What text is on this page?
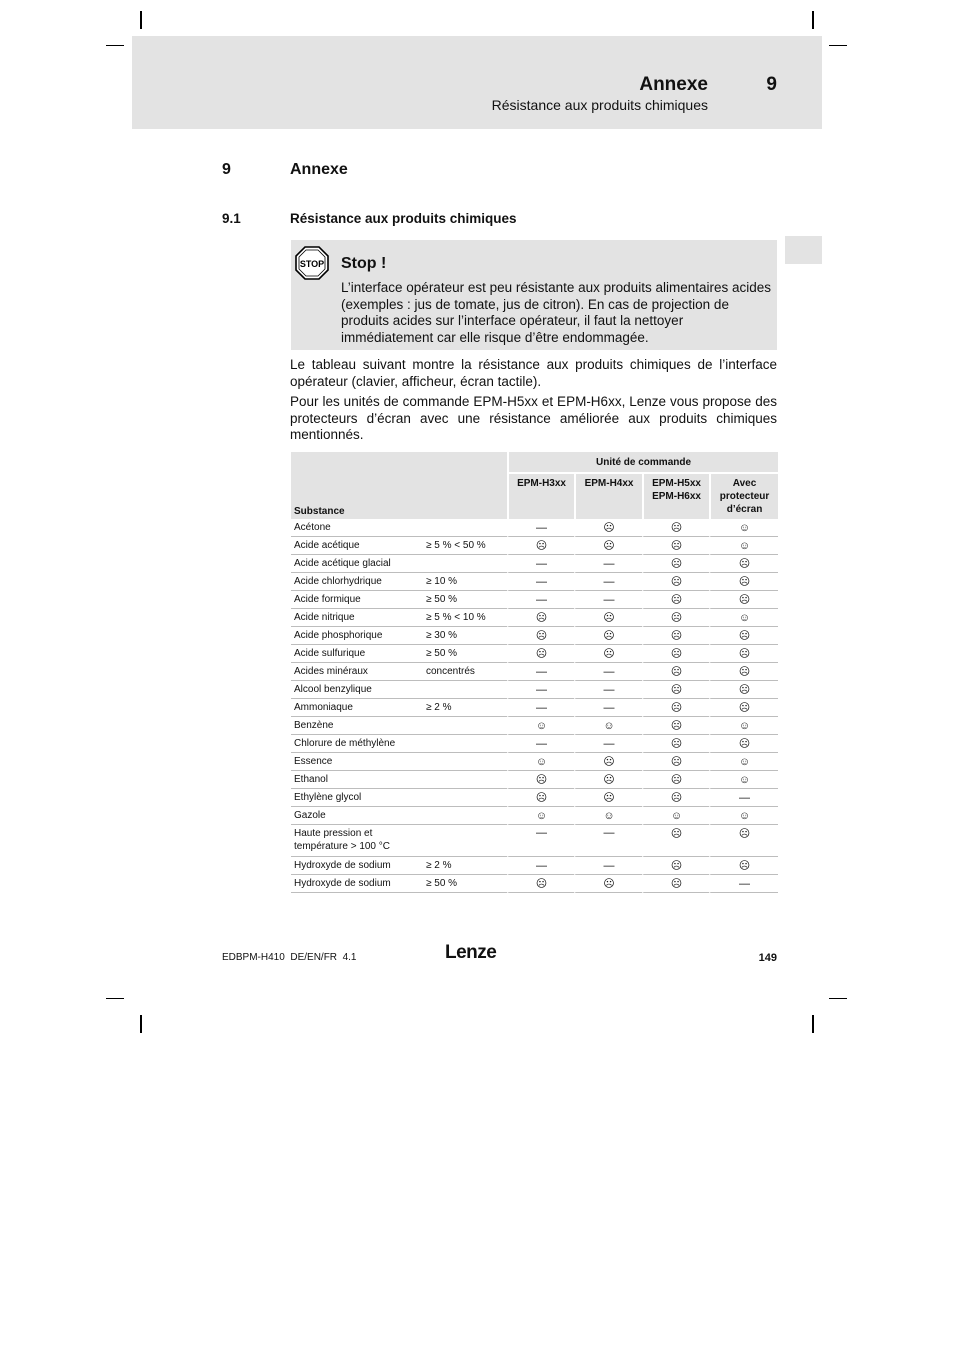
Annexe	9
Résistance aux produits chimiques
9	Annexe
9.1	Résistance aux produits chimiques
STOP Stop !
L’interface opérateur est peu résistante aux produits alimentaires acides (exemples : jus de tomate, jus de citron). En cas de projection de produits acides sur l’interface opérateur, il faut la nettoyer immédiatement car elle risque d’être endommagée.
Le tableau suivant montre la résistance aux produits chimiques de l’interface opérateur (clavier, afficheur, écran tactile).
Pour les unités de commande EPM-H5xx et EPM-H6xx, Lenze vous propose des protecteurs d’écran avec une résistance améliorée aux produits chimiques mentionnés.
Substance		Unité de commande			
		EPM-H3xx	EPM-H4xx	EPM-H5xx EPM-H6xx	Avec protecteur d’écran
Acétone		—	☹	☹	☺
Acide acétique	≥ 5 % < 50 %	☹	☹	☹	☺
Acide acétique glacial		—	—	☹	☹
Acide chlorhydrique	≥ 10 %	—	—	☹	☹
Acide formique	≥ 50 %	—	—	☹	☹
Acide nitrique	≥ 5 % < 10 %	☹	☹	☹	☺
Acide phosphorique	≥ 30 %	☹	☹	☹	☹
Acide sulfurique	≥ 50 %	☹	☹	☹	☹
Acides minéraux	concentrés	—	—	☹	☹
Alcool benzylique		—	—	☹	☹
Ammoniaque	≥ 2 %	—	—	☹	☹
Benzène		☺	☺	☹	☺
Chlorure de méthylène		—	—	☹	☹
Essence		☺	☹	☹	☺
Ethanol		☹	☹	☹	☺
Ethylène glycol		☹	☹	☹	—
Gazole		☺	☺	☺	☺
Haute pression et température > 100 °C		—	—	☹	☹
Hydroxyde de sodium	≥ 2 %	—	—	☹	☹
Hydroxyde de sodium	≥ 50 %	☹	☹	☹	—
EDBPM-H410  DE/EN/FR  4.1	Lenze	149
